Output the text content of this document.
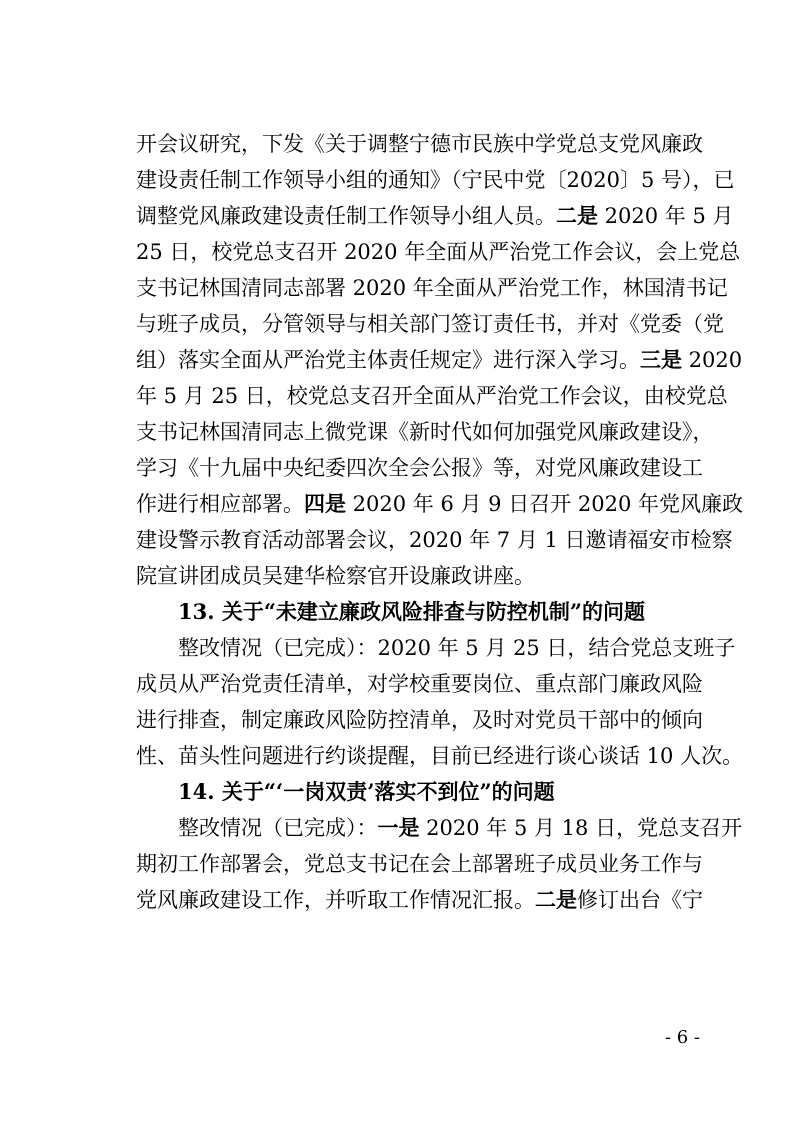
开会议研究，下发《关于调整宁德市民族中学党总支党风廉政
建设责任制工作领导小组的通知》（宁民中党〔2020〕5 号），已
调整党风廉政建设责任制工作领导小组人员。二是 2020 年 5 月
25 日，校党总支召开 2020 年全面从严治党工作会议，会上党总
支书记林国清同志部署 2020 年全面从严治党工作，林国清书记
与班子成员，分管领导与相关部门签订责任书，并对《党委（党
组）落实全面从严治党主体责任规定》进行深入学习。三是 2020
年 5 月 25 日，校党总支召开全面从严治党工作会议，由校党总
支书记林国清同志上微党课《新时代如何加强党风廉政建设》，
学习《十九届中央纪委四次全会公报》等，对党风廉政建设工
作进行相应部署。四是 2020 年 6 月 9 日召开 2020 年党风廉政
建设警示教育活动部署会议，2020 年 7 月 1 日邀请福安市检察
院宣讲团成员吴建华检察官开设廉政讲座。
13. 关于“未建立廉政风险排查与防控机制”的问题
整改情况（已完成）：2020 年 5 月 25 日，结合党总支班子
成员从严治党责任清单，对学校重要岗位、重点部门廉政风险
进行排查，制定廉政风险防控清单，及时对党员干部中的倾向
性、苗头性问题进行约谈提醒，目前已经进行谈心谈话 10 人次。
14. 关于“‘一岗双责’落实不到位”的问题
整改情况（已完成）：一是 2020 年 5 月 18 日，党总支召开
期初工作部署会，党总支书记在会上部署班子成员业务工作与
党风廉政建设工作，并听取工作情况汇报。二是修订出台《宁
- 6 -
